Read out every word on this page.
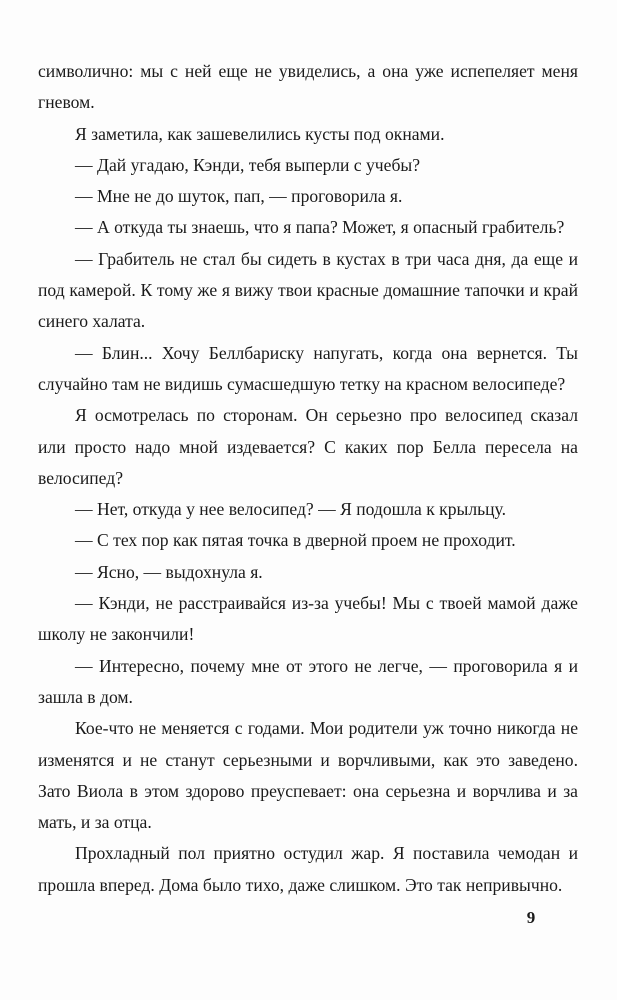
символично: мы с ней еще не увиделись, а она уже испепеляет меня гневом.

Я заметила, как зашевелились кусты под окнами.

— Дай угадаю, Кэнди, тебя выперли с учебы?

— Мне не до шуток, пап, — проговорила я.

— А откуда ты знаешь, что я папа? Может, я опасный грабитель?

— Грабитель не стал бы сидеть в кустах в три часа дня, да еще и под камерой. К тому же я вижу твои красные домашние тапочки и край синего халата.

— Блин... Хочу Беллбариску напугать, когда она вернется. Ты случайно там не видишь сумасшедшую тетку на красном велосипеде?

Я осмотрелась по сторонам. Он серьезно про велосипед сказал или просто надо мной издевается? С каких пор Белла пересела на велосипед?

— Нет, откуда у нее велосипед? — Я подошла к крыльцу.

— С тех пор как пятая точка в дверной проем не проходит.

— Ясно, — выдохнула я.

— Кэнди, не расстраивайся из-за учебы! Мы с твоей мамой даже школу не закончили!

— Интересно, почему мне от этого не легче, — проговорила я и зашла в дом.

Кое-что не меняется с годами. Мои родители уж точно никогда не изменятся и не станут серьезными и ворчливыми, как это заведено. Зато Виола в этом здорово преуспевает: она серьезна и ворчлива и за мать, и за отца.

Прохладный пол приятно остудил жар. Я поставила чемодан и прошла вперед. Дома было тихо, даже слишком. Это так непривычно.

9
